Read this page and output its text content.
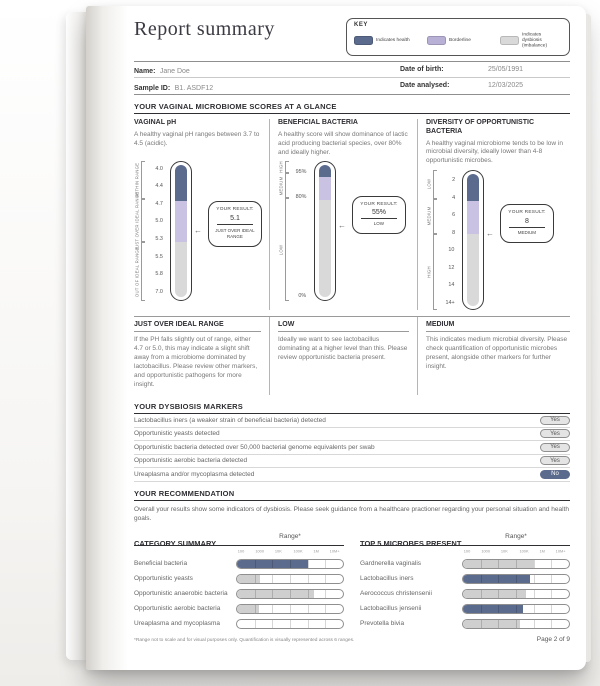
Report summary	KEY
Indicates health	Borderline
Indicates dysbiosis (imbalance)
Name: Jane Doe	Date of birth:	25/05/1991
Sample ID: B1. ASDF12	Date analysed:	12/03/2025
YOUR VAGINAL MICROBIOME SCORES AT A GLANCE
VAGINAL pH
A healthy vaginal pH ranges between 3.7 to 4.5 (acidic).
WITHIN RANGE
JUST OVER IDEAL RANGE
OUT OF IDEAL RANGE
4.0
4.4
4.7
5.0
5.3
5.5
5.8
7.0
←
YOUR RESULT:
5.1
JUST OVER IDEAL RANGE
BENEFICIAL BACTERIA
A healthy score will show dominance of lactic acid producing bacterial species, over 80% and ideally higher.
HIGH
MEDIUM
LOW
95%
80%
0%
←
YOUR RESULT:
55%
LOW
DIVERSITY OF OPPORTUNISTIC BACTERIA
A healthy vaginal microbiome tends to be low in microbial diversity, ideally lower than 4-8 opportunistic microbes.
LOW
MEDIUM
HIGH
2
4
6
8
10
12
14
14+
←
YOUR RESULT:
8
MEDIUM
JUST OVER IDEAL RANGE
If the PH falls slightly out of range, either 4.7 or 5.0, this may indicate a slight shift away from a microbiome dominated by lactobacillus. Please review other markers, and opportunistic pathogens for more insight.
LOW
Ideally we want to see lactobacillus dominating at a higher level than this. Please review opportunistic bacteria present.
MEDIUM
This indicates medium microbial diversity. Please check quantification of opportunistic microbes present, alongside other markers for further insight.
YOUR DYSBIOSIS MARKERS
Lactobacillus iners (a weaker strain of beneficial bacteria) detected	Yes
Opportunistic yeasts detected	Yes
Opportunistic bacteria detected over 50,000 bacterial genome equivalents per swab	Yes
Opportunistic aerobic bacteria detected	Yes
Ureaplasma and/or mycoplasma detected	No
YOUR RECOMMENDATION
Overall your results show some indicators of dysbiosis. Please seek guidance from a healthcare practioner regarding your personal situation and health goals.
CATEGORY SUMMARY
Range*
100 1000 10K 100K 1M 10M+
Beneficial bacteria
Opportunistic yeasts
Opportunistic anaerobic bacteria
Opportunistic aerobic bacteria
Ureaplasma and mycoplasma
TOP 5 MICROBES PRESENT
Range*
100 1000 10K 100K 1M 10M+
Gardnerella vaginalis
Lactobacillus iners
Aerococcus christensenii
Lactobacillus jensenii
Prevotella bivia
*Range not to scale and for visual purposes only. Quantification is visually represented across 6 ranges.	Page 2 of 9
